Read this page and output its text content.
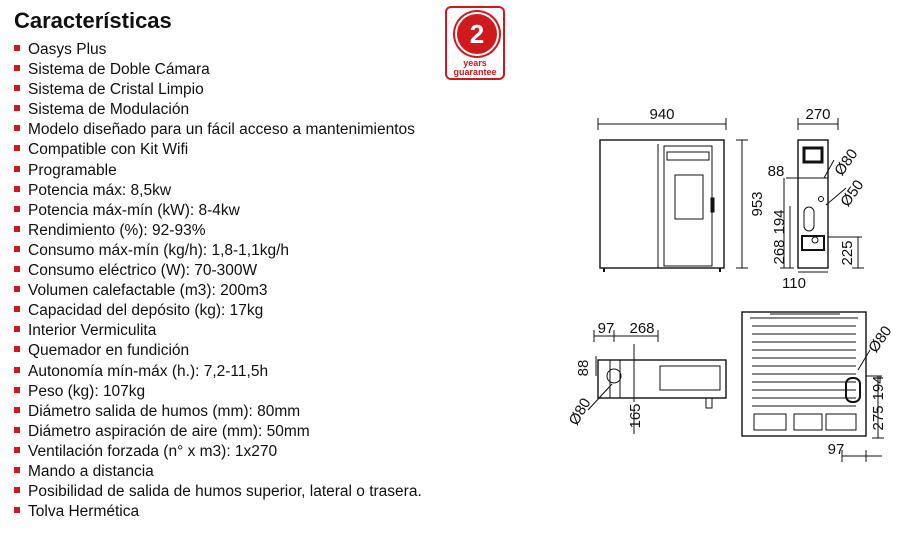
Características
Oasys Plus
Sistema de Doble Cámara
Sistema de Cristal Limpio
Sistema de Modulación
Modelo diseñado para un fácil acceso a mantenimientos
Compatible con Kit Wifi
Programable
Potencia máx: 8,5kw
Potencia máx-mín (kW): 8-4kw
Rendimiento (%): 92-93%
Consumo máx-mín (kg/h): 1,8-1,1kg/h
Consumo eléctrico (W): 70-300W
Volumen calefactable (m3): 200m3
Capacidad del depósito (kg): 17kg
Interior Vermiculita
Quemador en fundición
Autonomía mín-máx (h.): 7,2-11,5h
Peso (kg): 107kg
Diámetro salida de humos (mm): 80mm
Diámetro aspiración de aire (mm): 50mm
Ventilación forzada (n° x m3): 1x270
Mando a distancia
Posibilidad de salida de humos superior, lateral o trasera.
Tolva Hermética
2
years
guarantee
940
953
270
88
194
268	225
110
Ø80
Ø50
97 268
88
165
Ø80
Ø80
194
275
97
